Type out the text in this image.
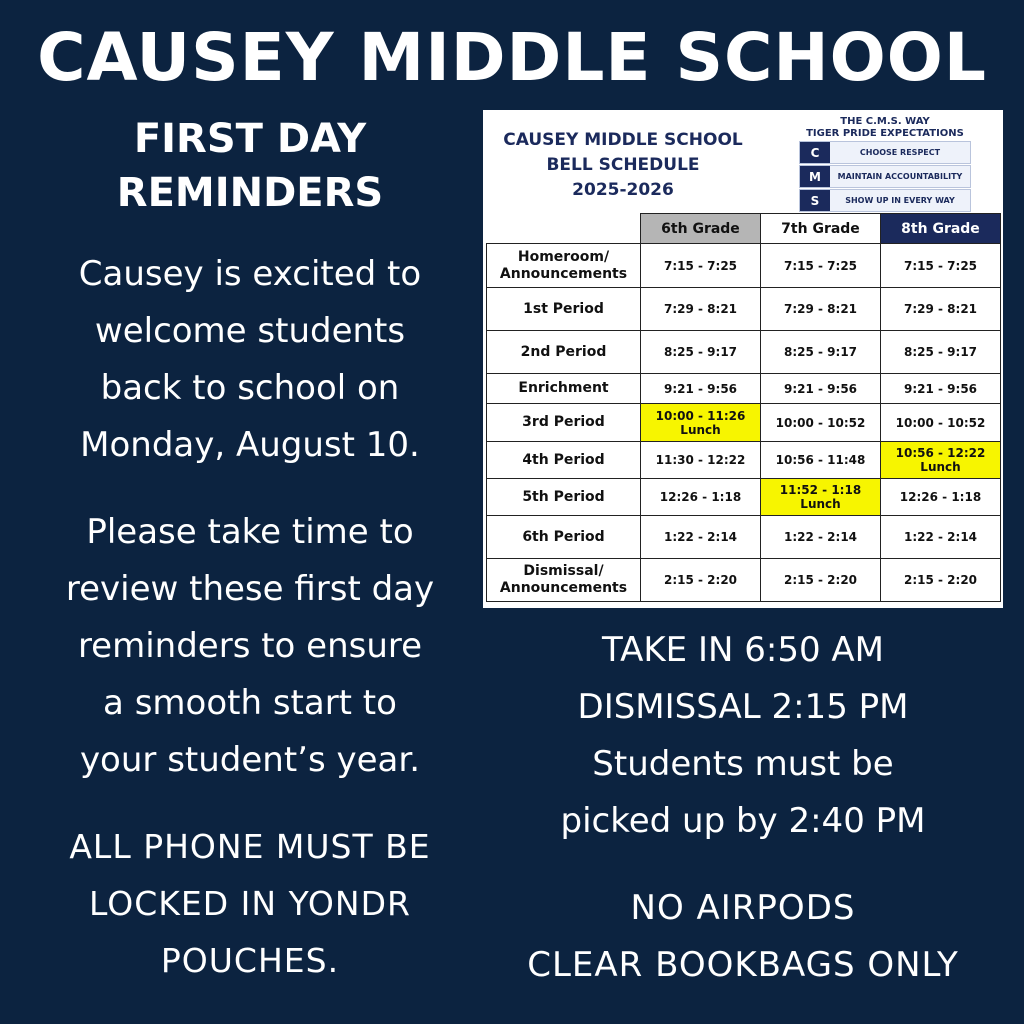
CAUSEY MIDDLE SCHOOL
FIRST DAY
REMINDERS

Causey is excited to
welcome students
back to school on
Monday, August 10.

Please take time to
review these first day
reminders to ensure
a smooth start to
your student’s year.

ALL PHONE MUST BE
LOCKED IN YONDR
POUCHES.

CAUSEY MIDDLE SCHOOL
BELL SCHEDULE
2025-2026
THE C.M.S. WAY
TIGER PRIDE EXPECTATIONS
C	CHOOSE RESPECT
M	MAINTAIN ACCOUNTABILITY
S	SHOW UP IN EVERY WAY
	6th Grade	7th Grade	8th Grade
Homeroom/ Announcements	7:15 - 7:25	7:15 - 7:25	7:15 - 7:25
1st Period	7:29 - 8:21	7:29 - 8:21	7:29 - 8:21
2nd Period	8:25 - 9:17	8:25 - 9:17	8:25 - 9:17
Enrichment	9:21 - 9:56	9:21 - 9:56	9:21 - 9:56
3rd Period	10:00 - 11:26 Lunch	10:00 - 10:52	10:00 - 10:52
4th Period	11:30 - 12:22	10:56 - 11:48	10:56 - 12:22 Lunch
5th Period	12:26 - 1:18	11:52 - 1:18 Lunch	12:26 - 1:18
6th Period	1:22 - 2:14	1:22 - 2:14	1:22 - 2:14
Dismissal/ Announcements	2:15 - 2:20	2:15 - 2:20	2:15 - 2:20

TAKE IN 6:50 AM
DISMISSAL 2:15 PM
Students must be
picked up by 2:40 PM

NO AIRPODS
CLEAR BOOKBAGS ONLY
